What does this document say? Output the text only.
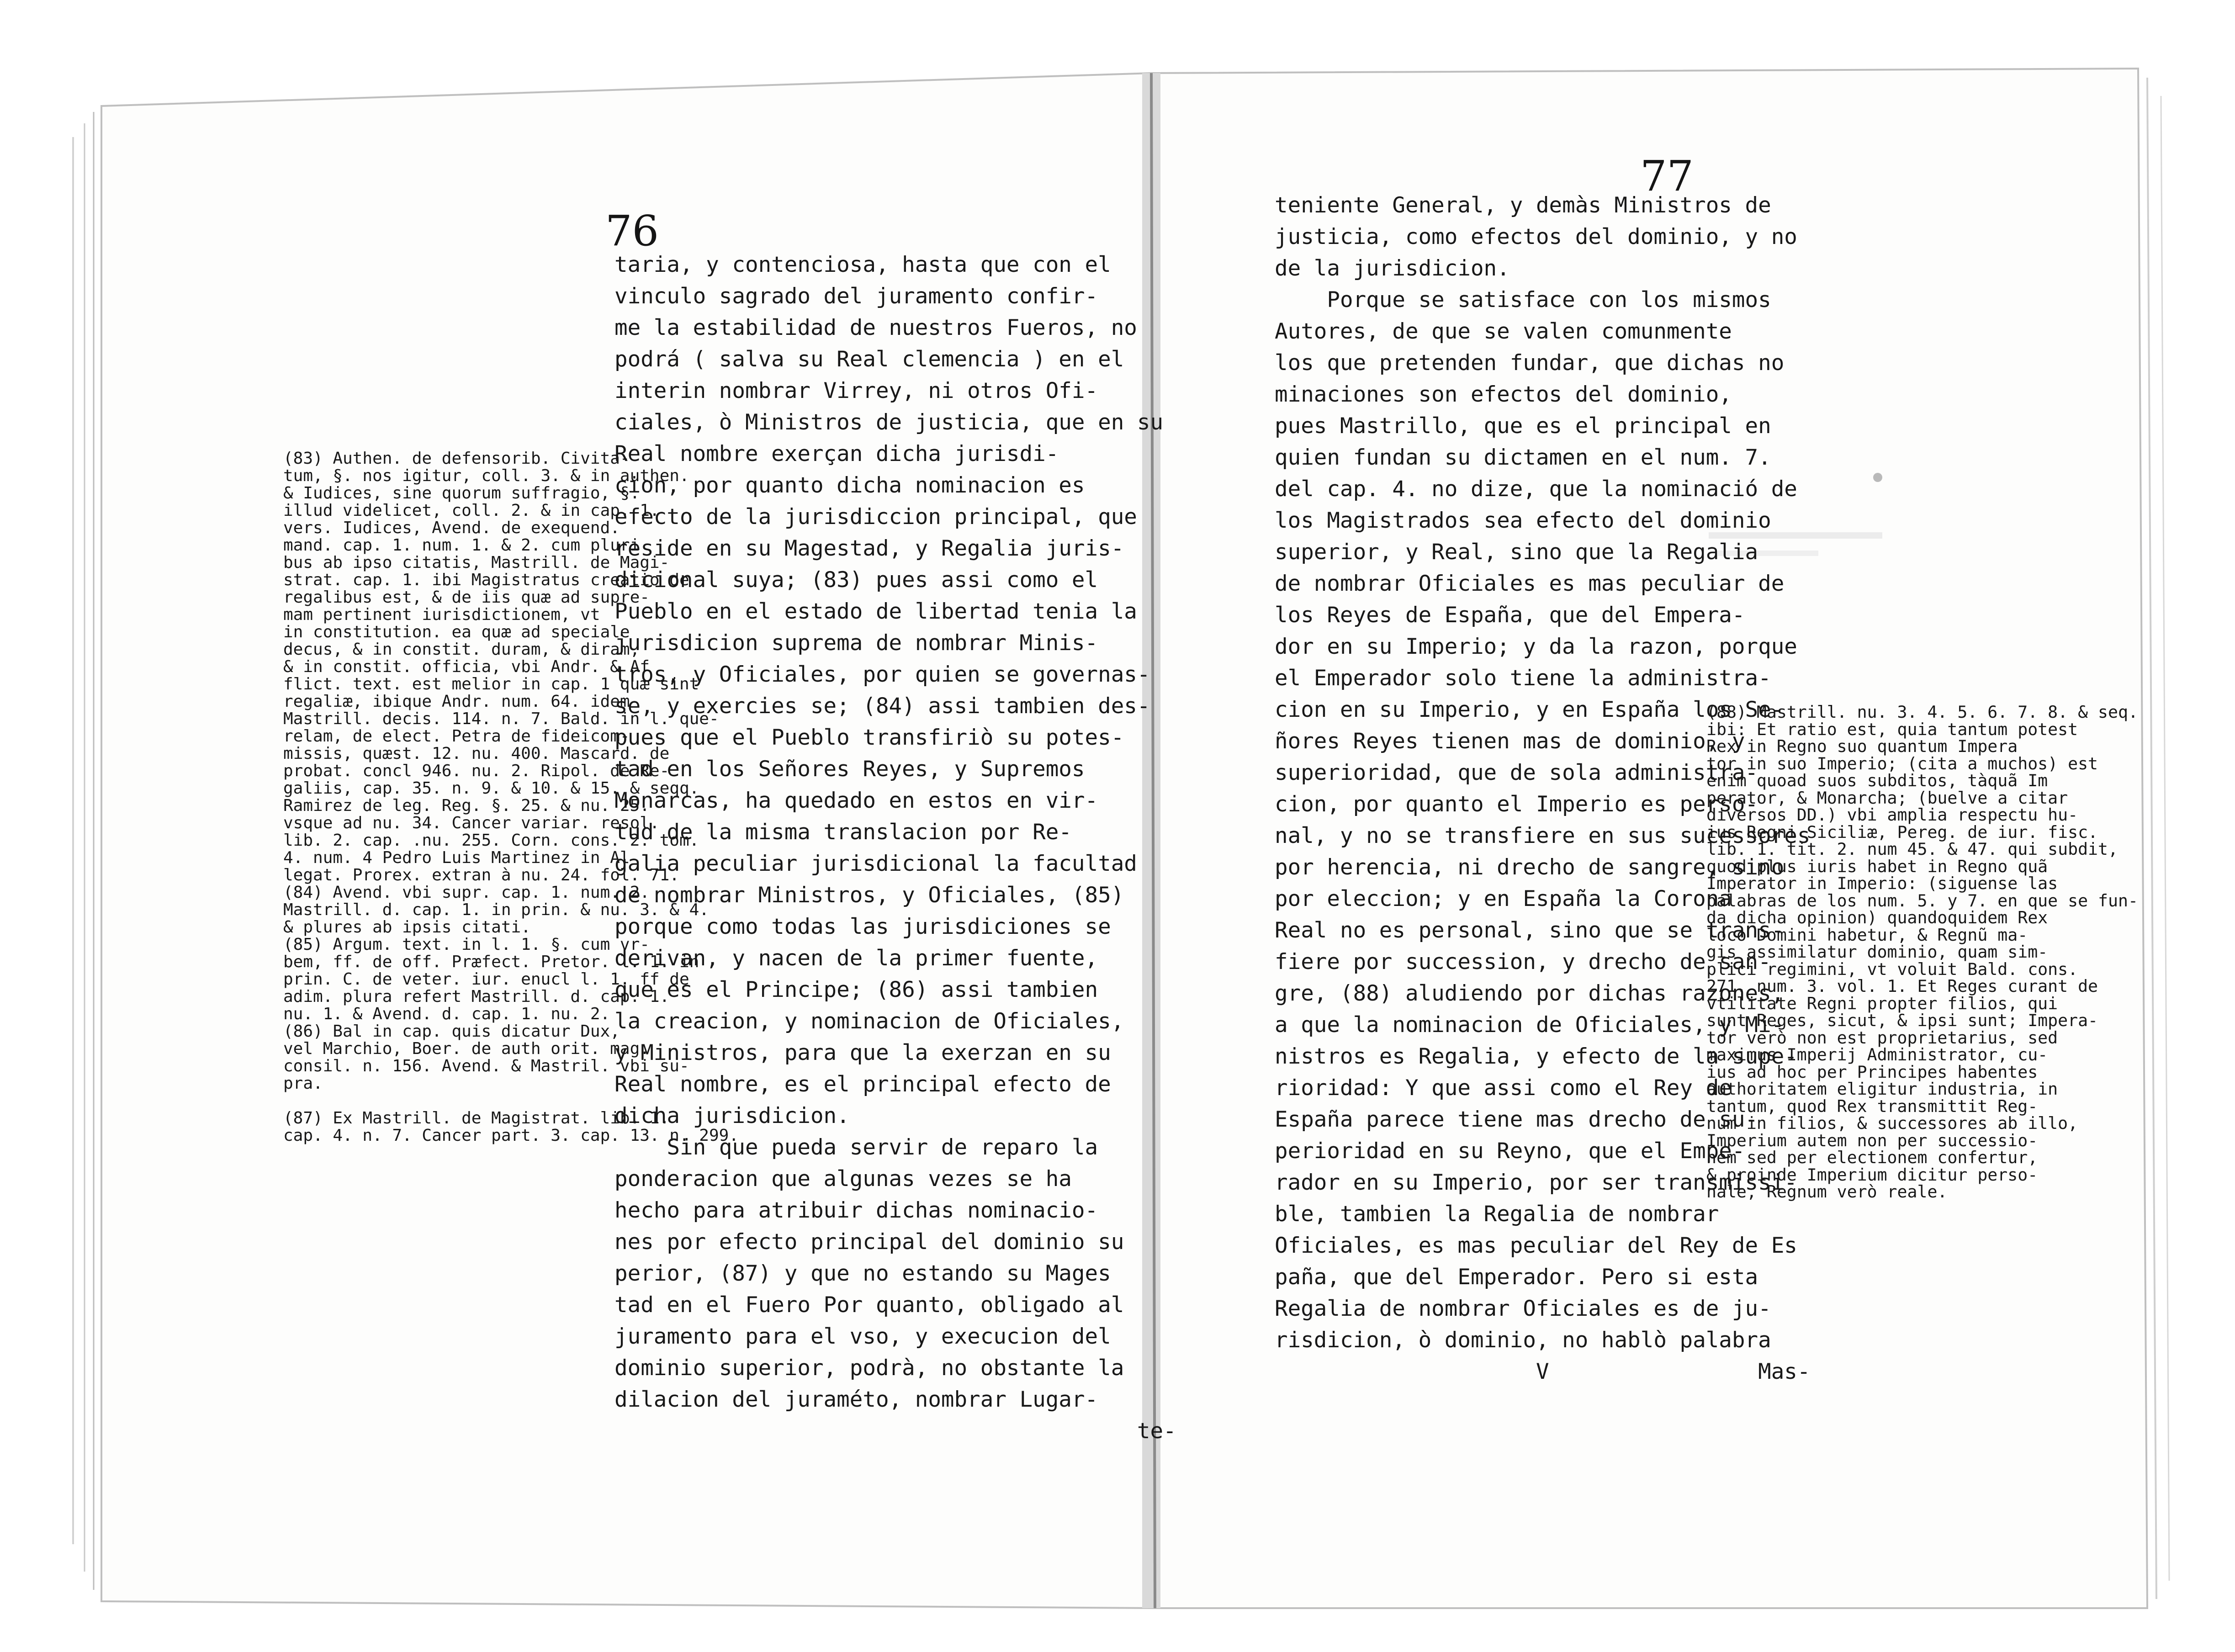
76
taria, y contenciosa, hasta que con el
vinculo sagrado del juramento confir-
me la estabilidad de nuestros Fueros, no
podrá ( salva su Real clemencia ) en el
interin nombrar Virrey, ni otros Ofi-
ciales, ò Ministros de justicia, que en su
Real nombre exerçan dicha jurisdi-
cion, por quanto dicha nominacion es
efecto de la jurisdiccion principal, que
reside en su Magestad, y Regalia juris-
dicional suya; (83) pues assi como el
Pueblo en el estado de libertad tenia la
jurisdicion suprema de nombrar Minis-
tros, y Oficiales, por quien se governas-
se, y exercies se; (84) assi tambien des-
pues que el Pueblo transfiriò su potes-
tad en los Señores Reyes, y Supremos
Monarcas, ha quedado en estos en vir-
tud de la misma translacion por Re-
galia peculiar jurisdicional la facultad
de nombrar Ministros, y Oficiales, (85)
porque como todas las jurisdiciones se
derivan, y nacen de la primer fuente,
que es el Principe; (86) assi tambien
la creacion, y nominacion de Oficiales,
y Ministros, para que la exerzan en su
Real nombre, es el principal efecto de
dicha jurisdicion.
Sin que pueda servir de reparo la
ponderacion que algunas vezes se ha
hecho para atribuir dichas nominacio-
nes por efecto principal del dominio su
perior, (87) y que no estando su Mages
tad en el Fuero Por quanto, obligado al
juramento para el vso, y execucion del
dominio superior, podrà, no obstante la
dilacion del juraméto, nombrar Lugar-
te-
(83) Authen. de defensorib. Civita-
tum, §. nos igitur, coll. 3. & in authen.
& Iudices, sine quorum suffragio, §.
illud videlicet, coll. 2. & in cap. 1.
vers. Iudices, Avend. de exequend.
mand. cap. 1. num. 1. & 2. cum pluri
bus ab ipso citatis, Mastrill. de Magi-
strat. cap. 1. ibi Magistratus creatio de
regalibus est, & de iis quæ ad supre-
mam pertinent iurisdictionem, vt
in constitution. ea quæ ad speciale
decus, & in constit. duram, & diram,
& in constit. officia, vbi Andr. & Af
flict. text. est melior in cap. 1 quæ sint
regaliæ, ibique Andr. num. 64. idem
Mastrill. decis. 114. n. 7. Bald. in l. que-
relam, de elect. Petra de fideicom-
missis, quæst. 12. nu. 400. Mascard. de
probat. concl 946. nu. 2. Ripol. de Re-
galiis, cap. 35. n. 9. & 10. & 15. & seqq.
Ramirez de leg. Reg. §. 25. & nu. 25.
vsque ad nu. 34. Cancer variar. resol.
lib. 2. cap. .nu. 255. Corn. cons. 2. tom.
4. num. 4 Pedro Luis Martinez in Al
legat. Prorex. extran à nu. 24. fol. 71.
(84) Avend. vbi supr. cap. 1. num. 2.
Mastrill. d. cap. 1. in prin. & nu. 3. & 4.
& plures ab ipsis citati.
(85) Argum. text. in l. 1. §. cum vr-
bem, ff. de off. Præfect. Pretor. l. 1. in
prin. C. de veter. iur. enucl l. 1. ff de
adim. plura refert Mastrill. d. cap. 1.
nu. 1. & Avend. d. cap. 1. nu. 2.
(86) Bal in cap. quis dicatur Dux,
vel Marchio, Boer. de auth orit. mag.
consil. n. 156. Avend. & Mastril. vbi su-
pra.

(87) Ex Mastrill. de Magistrat. lib. 1.
cap. 4. n. 7. Cancer part. 3. cap. 13. n. 299.
77
teniente General, y demàs Ministros de
justicia, como efectos del dominio, y no
de la jurisdicion.
Porque se satisface con los mismos
Autores, de que se valen comunmente
los que pretenden fundar, que dichas no
minaciones son efectos del dominio,
pues Mastrillo, que es el principal en
quien fundan su dictamen en el num. 7.
del cap. 4. no dize, que la nominació de
los Magistrados sea efecto del dominio
superior, y Real, sino que la Regalia
de nombrar Oficiales es mas peculiar de
los Reyes de España, que del Empera-
dor en su Imperio; y da la razon, porque
el Emperador solo tiene la administra-
cion en su Imperio, y en España los Se-
ñores Reyes tienen mas de dominio, y
superioridad, que de sola administra-
cion, por quanto el Imperio es perso-
nal, y no se transfiere en sus sucessores
por herencia, ni drecho de sangre, sino
por eleccion; y en España la Corona
Real no es personal, sino que se trans-
fiere por succession, y drecho de san-
gre, (88) aludiendo por dichas razones,
a que la nominacion de Oficiales, y Mi-
nistros es Regalia, y efecto de la supe-
rioridad: Y que assi como el Rey de
España parece tiene mas drecho de su-
perioridad en su Reyno, que el Empe-
rador en su Imperio, por ser transmissi-
ble, tambien la Regalia de nombrar
Oficiales, es mas peculiar del Rey de Es
paña, que del Emperador. Pero si esta
Regalia de nombrar Oficiales es de ju-
risdicion, ò dominio, no hablò palabra
V                Mas-
(88) Mastrill. nu. 3. 4. 5. 6. 7. 8. & seq.
ibi: Et ratio est, quia tantum potest
Rex in Regno suo quantum Impera
tor in suo Imperio; (cita a muchos) est
enim quoad suos subditos, tàquã Im
perator, & Monarcha; (buelve a citar
diversos DD.) vbi amplia respectu hu-
ius Regni Siciliæ, Pereg. de iur. fisc.
lib. 1. tit. 2. num 45. & 47. qui subdit,
quod plus iuris habet in Regno quã
Imperator in Imperio: (siguense las
palabras de los num. 5. y 7. en que se fun-
da dicha opinion) quandoquidem Rex
loco Domini habetur, & Regnũ ma-
gis assimilatur dominio, quam sim-
plici regimini, vt voluit Bald. cons.
271. num. 3. vol. 1. Et Reges curant de
vtilitate Regni propter filios, qui
sunt Reges, sicut, & ipsi sunt; Impera-
tor verò non est proprietarius, sed
maximus Imperij Administrator, cu-
ius ad hoc per Principes habentes
authoritatem eligitur industria, in
tantum, quod Rex transmittit Reg-
num in filios, & successores ab illo,
Imperium autem non per successio-
nem sed per electionem confertur,
& proinde Imperium dicitur perso-
nale, Regnum verò reale.
